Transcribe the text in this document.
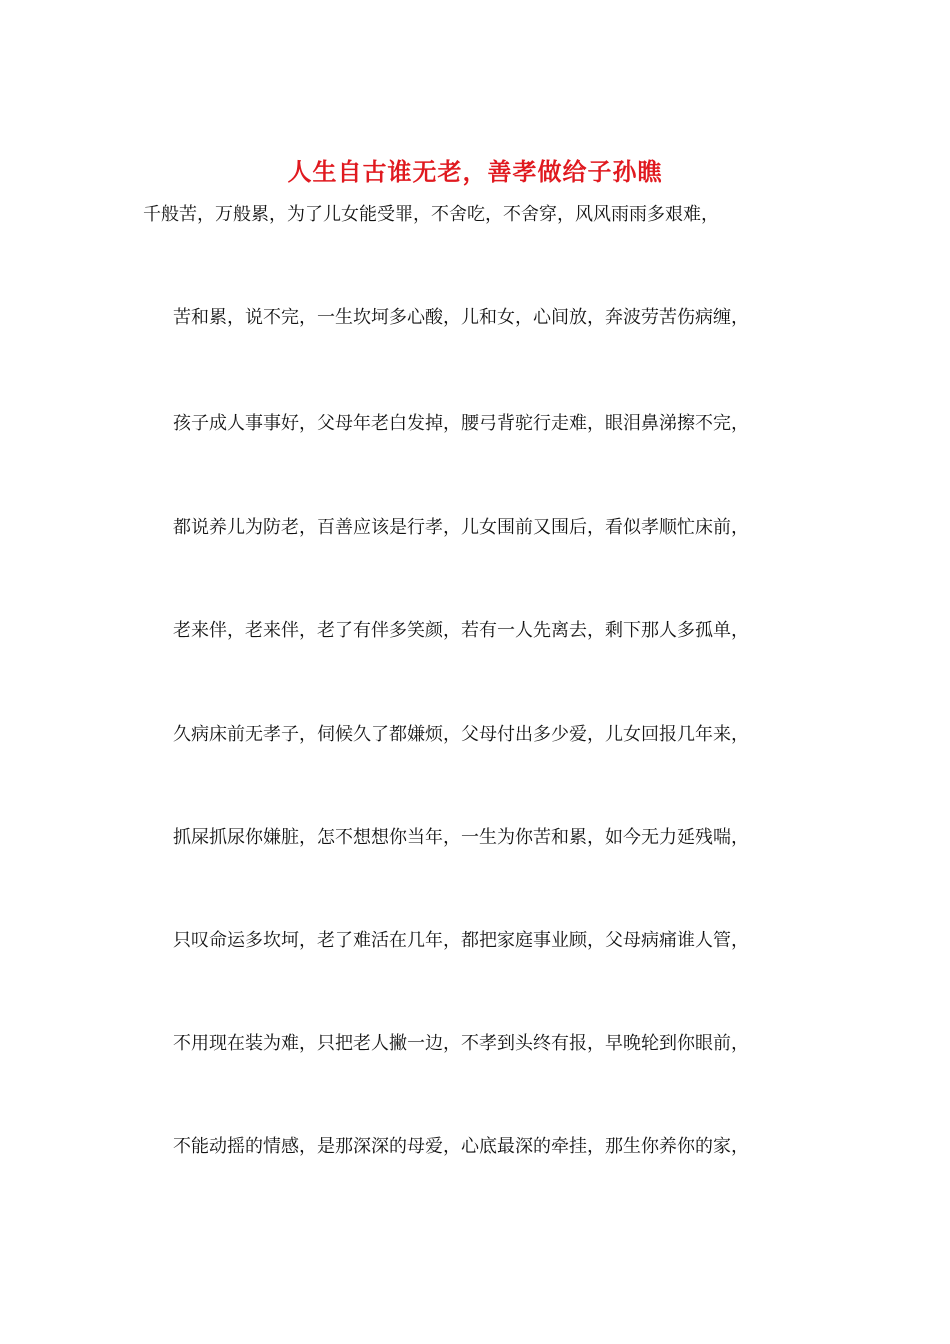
人生自古谁无老，善孝做给子孙瞧
千般苦，万般累，为了儿女能受罪，不舍吃，不舍穿，风风雨雨多艰难，
苦和累，说不完，一生坎坷多心酸，儿和女，心间放，奔波劳苦伤病缠，
孩子成人事事好，父母年老白发掉，腰弓背驼行走难，眼泪鼻涕擦不完，
都说养儿为防老，百善应该是行孝，儿女围前又围后，看似孝顺忙床前，
老来伴，老来伴，老了有伴多笑颜，若有一人先离去，剩下那人多孤单，
久病床前无孝子，伺候久了都嫌烦，父母付出多少爱，儿女回报几年来，
抓屎抓尿你嫌脏，怎不想想你当年，一生为你苦和累，如今无力延残喘，
只叹命运多坎坷，老了难活在几年，都把家庭事业顾，父母病痛谁人管，
不用现在装为难，只把老人撇一边，不孝到头终有报，早晚轮到你眼前，
不能动摇的情感，是那深深的母爱，心底最深的牵挂，那生你养你的家，
